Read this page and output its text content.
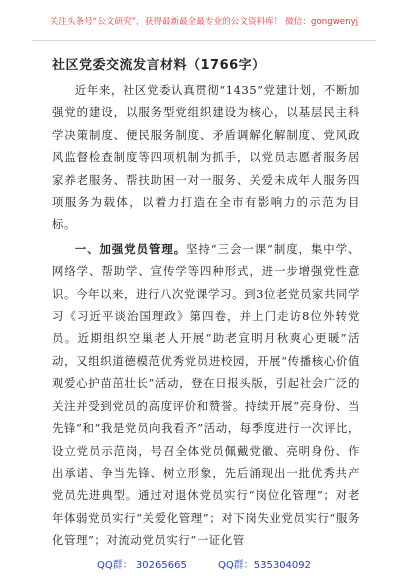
关注头条号“公文研究”，获得最新最全最专业的公文资料库！ 微信：gongwenyj
社区党委交流发言材料（1766字）

近年来，社区党委认真贯彻“1435”党建计划，不断加强党的建设，以服务型党组织建设为核心，以基层民主科学决策制度、便民服务制度、矛盾调解化解制度、党风政风监督检查制度等四项机制为抓手，以党员志愿者服务居家养老服务、帮扶助困一对一服务、关爱未成年人服务四项服务为载体，以着力打造在全市有影响力的示范为目标。

一、加强党员管理。坚持“三会一课”制度，集中学、网络学、帮助学、宣传学等四种形式，进一步增强党性意识。今年以来，进行八次党课学习。到3位老党员家共同学习《习近平谈治国理政》第四卷，并上门走访8位外转党员。近期组织空巢老人开展“助老宣明月秋爽心更暖”活动，又组织道德模范优秀党员进校园，开展“传播核心价值观爱心护苗茁壮长”活动，登在日报头版，引起社会广泛的关注并受到党员的高度评价和赞誉。持续开展“亮身份、当先锋”和“我是党员向我看齐”活动，每季度进行一次评比，设立党员示范岗，号召全体党员佩戴党徽、亮明身份、作出承诺、争当先锋、树立形象，先后涌现出一批优秀共产党员先进典型。通过对退休党员实行“岗位化管理”；对老年体弱党员实行“关爱化管理”；对下岗失业党员实行“服务化管理”；对流动党员实行“一证化管

QQ群： 30265665	QQ群：535304092
